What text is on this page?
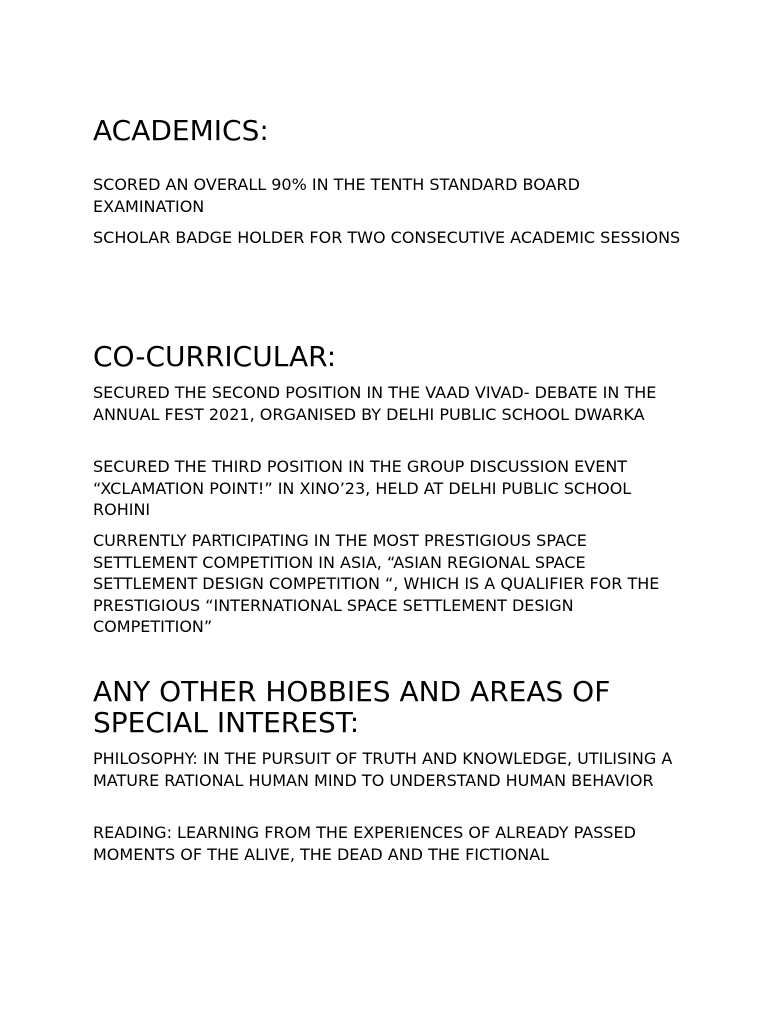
ACADEMICS:

SCORED AN OVERALL 90% IN THE TENTH STANDARD BOARD EXAMINATION

SCHOLAR BADGE HOLDER FOR TWO CONSECUTIVE ACADEMIC SESSIONS

CO-CURRICULAR:

SECURED THE SECOND POSITION IN THE VAAD VIVAD- DEBATE IN THE ANNUAL FEST 2021, ORGANISED BY DELHI PUBLIC SCHOOL DWARKA

SECURED THE THIRD POSITION IN THE GROUP DISCUSSION EVENT “XCLAMATION POINT!” IN XINO’23, HELD AT DELHI PUBLIC SCHOOL ROHINI

CURRENTLY PARTICIPATING IN THE MOST PRESTIGIOUS SPACE SETTLEMENT COMPETITION IN ASIA, “ASIAN REGIONAL SPACE SETTLEMENT DESIGN COMPETITION “, WHICH IS A QUALIFIER FOR THE PRESTIGIOUS “INTERNATIONAL SPACE SETTLEMENT DESIGN COMPETITION”

ANY OTHER HOBBIES AND AREAS OF SPECIAL INTEREST:

PHILOSOPHY: IN THE PURSUIT OF TRUTH AND KNOWLEDGE, UTILISING A MATURE RATIONAL HUMAN MIND TO UNDERSTAND HUMAN BEHAVIOR

READING: LEARNING FROM THE EXPERIENCES OF ALREADY PASSED MOMENTS OF THE ALIVE, THE DEAD AND THE FICTIONAL
